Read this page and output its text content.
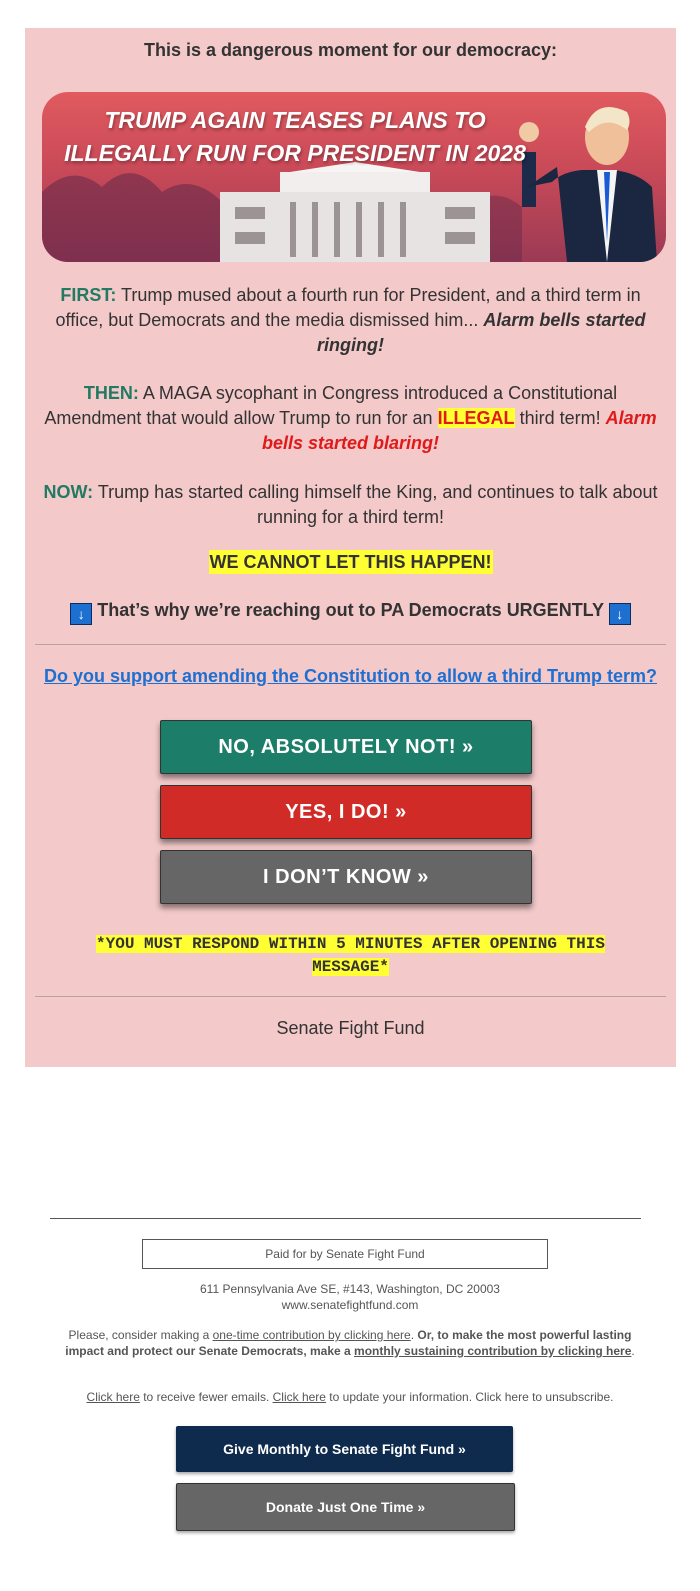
This is a dangerous moment for our democracy:
TRUMP AGAIN TEASES PLANS TO
ILLEGALLY RUN FOR PRESIDENT IN 2028
FIRST: Trump mused about a fourth run for President, and a third term in office, but Democrats and the media dismissed him... Alarm bells started ringing!
THEN: A MAGA sycophant in Congress introduced a Constitutional Amendment that would allow Trump to run for an ILLEGAL third term! Alarm bells started blaring!
NOW: Trump has started calling himself the King, and continues to talk about running for a third term!
WE CANNOT LET THIS HAPPEN!
↓ That’s why we’re reaching out to PA Democrats URGENTLY ↓
Do you support amending the Constitution to allow a third Trump term?
NO, ABSOLUTELY NOT! »
YES, I DO! »
I DON’T KNOW »
*YOU MUST RESPOND WITHIN 5 MINUTES AFTER OPENING THIS MESSAGE*
Senate Fight Fund
Paid for by Senate Fight Fund
611 Pennsylvania Ave SE, #143, Washington, DC 20003
www.senatefightfund.com
Please, consider making a one-time contribution by clicking here. Or, to make the most powerful lasting impact and protect our Senate Democrats, make a monthly sustaining contribution by clicking here.
Click here to receive fewer emails. Click here to update your information. Click here to unsubscribe.
Give Monthly to Senate Fight Fund »
Donate Just One Time »
